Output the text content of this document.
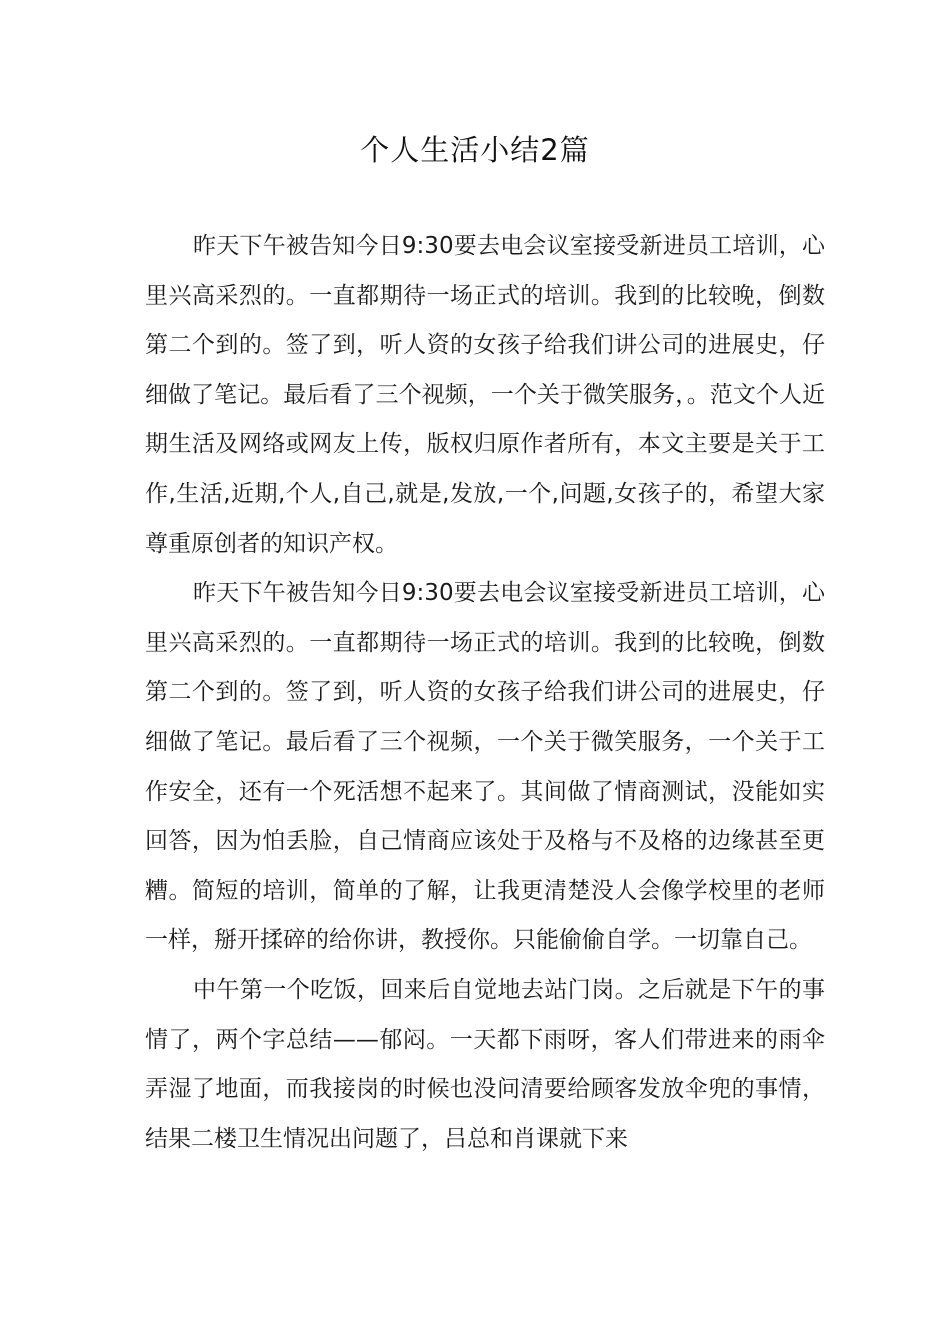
个人生活小结2篇

昨天下午被告知今日9:30要去电会议室接受新进员工培训，心里兴高采烈的。一直都期待一场正式的培训。我到的比较晚，倒数第二个到的。签了到，听人资的女孩子给我们讲公司的进展史，仔细做了笔记。最后看了三个视频，一个关于微笑服务，。范文个人近期生活及网络或网友上传，版权归原作者所有，本文主要是关于工作,生活,近期,个人,自己,就是,发放,一个,问题,女孩子的，希望大家尊重原创者的知识产权。

昨天下午被告知今日9:30要去电会议室接受新进员工培训，心里兴高采烈的。一直都期待一场正式的培训。我到的比较晚，倒数第二个到的。签了到，听人资的女孩子给我们讲公司的进展史，仔细做了笔记。最后看了三个视频，一个关于微笑服务，一个关于工作安全，还有一个死活想不起来了。其间做了情商测试，没能如实回答，因为怕丢脸，自己情商应该处于及格与不及格的边缘甚至更糟。简短的培训，简单的了解，让我更清楚没人会像学校里的老师一样，掰开揉碎的给你讲，教授你。只能偷偷自学。一切靠自己。

中午第一个吃饭，回来后自觉地去站门岗。之后就是下午的事情了，两个字总结——郁闷。一天都下雨呀，客人们带进来的雨伞弄湿了地面，而我接岗的时候也没问清要给顾客发放伞兜的事情，结果二楼卫生情况出问题了，吕总和肖课就下来
